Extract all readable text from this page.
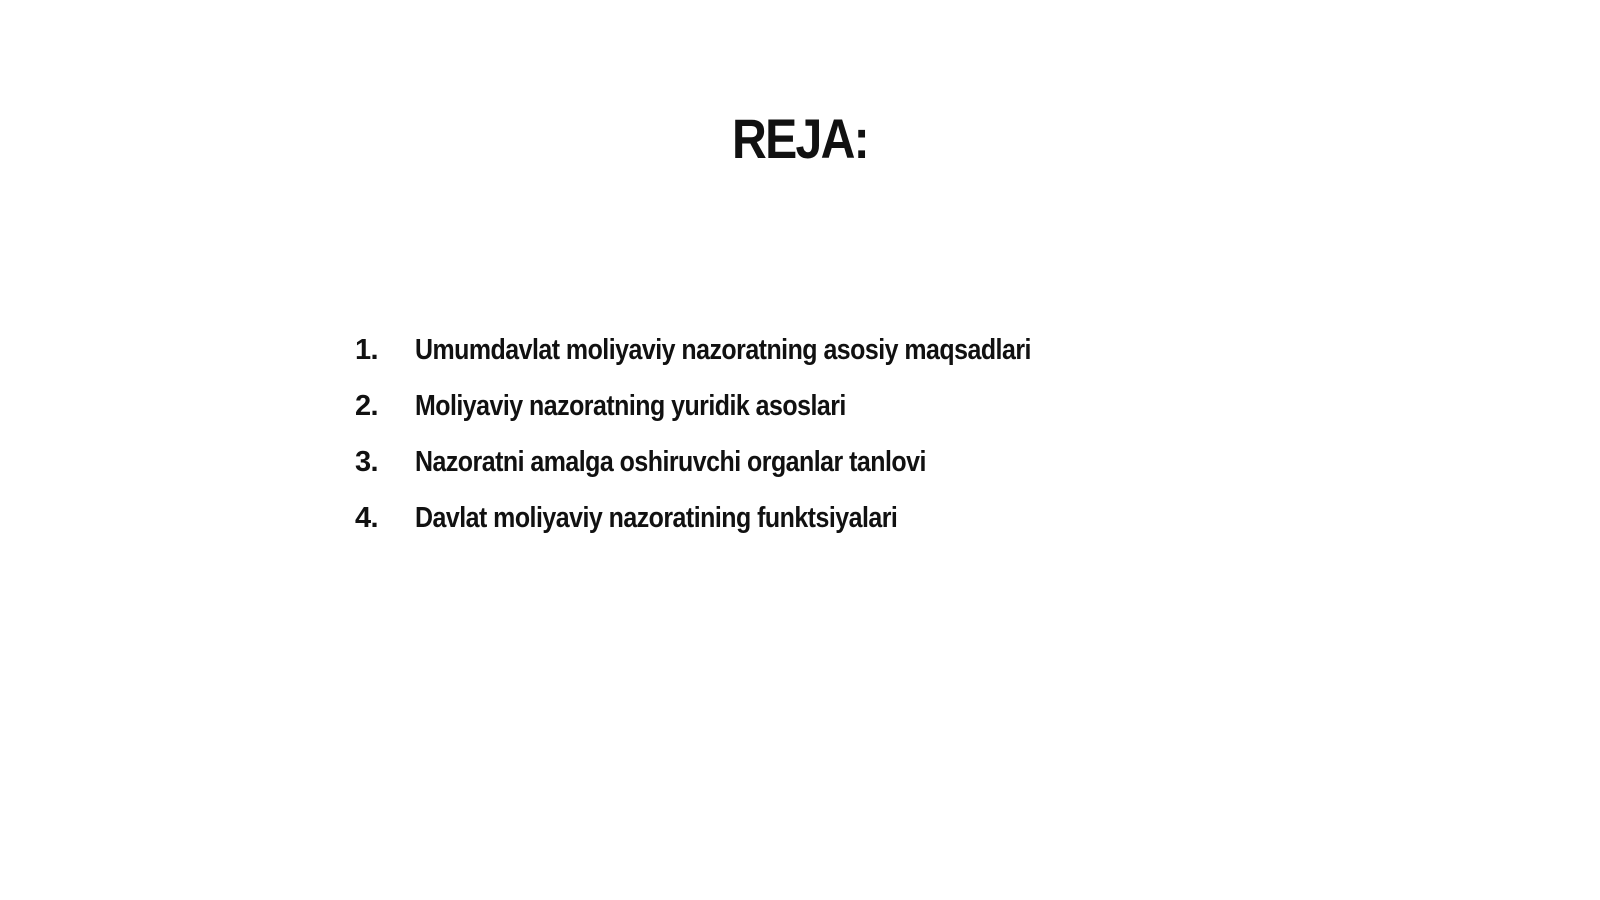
REJA:
1.	Umumdavlat moliyaviy nazoratning asosiy maqsadlari
2.	Moliyaviy nazoratning yuridik asoslari
3.	Nazoratni amalga oshiruvchi organlar tanlovi
4.	Davlat moliyaviy nazoratining funktsiyalari
